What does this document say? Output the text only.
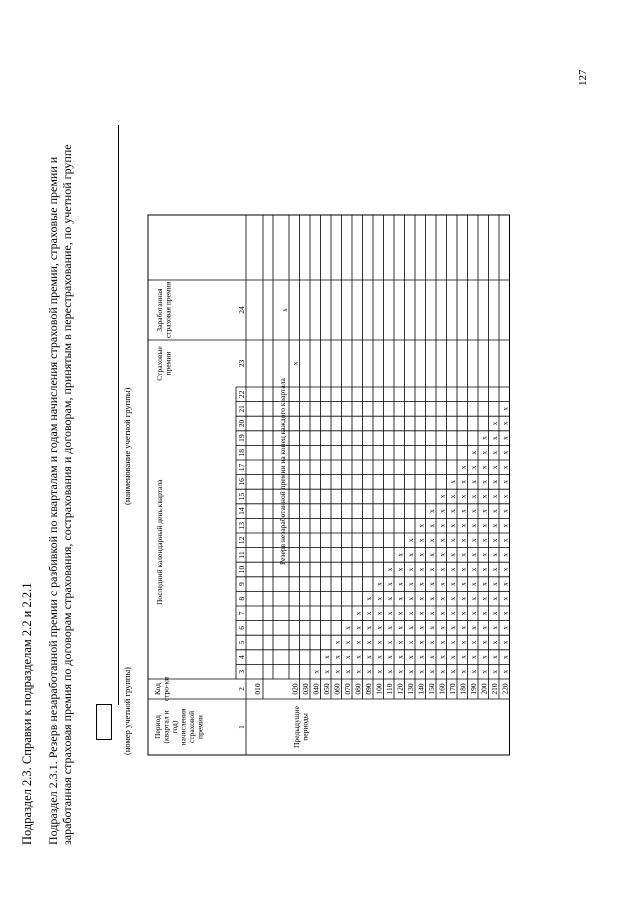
127
Подраздел 2.3. Справки к подразделам 2.2 и 2.2.1 Подраздел 2.3.1. Резерв незаработанной премии с разбивкой по кварталам и годам начисления страховой премии, страховые премии и заработанная страховая премия по договорам страхования, сострахования и договорам, принятым в перестрахование, по учетной группе	(номер учетной группы)
(наименование учетной группы)
Период(квартал игод)начислениястраховойпремии
Кодстро-ки
Последний календарный день квартала
Страховыепремии
Заработаннаястраховая премия
1
2
3
4
5
6
7
8
9
10
11
12
13
14
15
16
17
18
19
20
21
22
23
24
010
Резерв незаработанной премии на конец каждого квартала
Предыдущиепериоды
020 030 040
x
050
x
x
060
x
x
x
070
x
x
x
x
080
x
x
x
x
x
090
x
x
x
x
x
x
100
x
x
x
x
x
x
x
110
x
x
x
x
x
x
x
x
120
x
x
x
x
x
x
x
x
x
130
x
x
x
x
x
x
x
x
x
x
140
x
x
x
x
x
x
x
x
x
x
x
150
x
x
x
x
x
x
x
x
x
x
x
x
160
x
x
x
x
x
x
x
x
x
x
x
x
x
170
x
x
x
x
x
x
x
x
x
x
x
x
x
x
180
x
x
x
x
x
x
x
x
x
x
x
x
x
x
x
190
x
x
x
x
x
x
x
x
x
x
x
x
x
x
x
x
200
x
x
x
x
x
x
x
x
x
x
x
x
x
x
x
x
x
210
x
x
x
x
x
x
x
x
x
x
x
x
x
x
x
x
x
x
220
x
x
x
x
x
x
x
x
x
x
x
x
x
x
x
x
x
x
x
x
x
